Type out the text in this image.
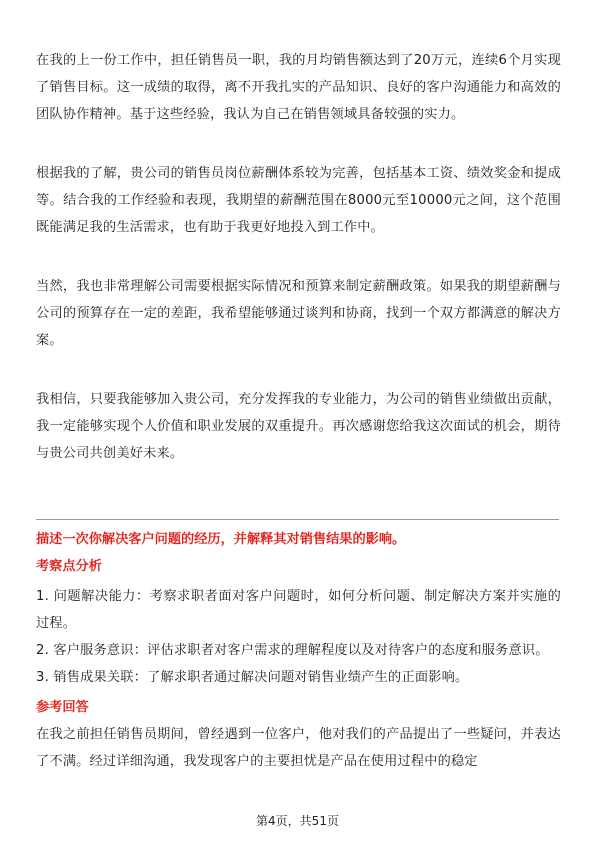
在我的上一份工作中，担任销售员一职，我的月均销售额达到了20万元，连续6个月实现了销售目标。这一成绩的取得，离不开我扎实的产品知识、良好的客户沟通能力和高效的团队协作精神。基于这些经验，我认为自己在销售领域具备较强的实力。

根据我的了解，贵公司的销售员岗位薪酬体系较为完善，包括基本工资、绩效奖金和提成等。结合我的工作经验和表现，我期望的薪酬范围在8000元至10000元之间，这个范围既能满足我的生活需求，也有助于我更好地投入到工作中。

当然，我也非常理解公司需要根据实际情况和预算来制定薪酬政策。如果我的期望薪酬与公司的预算存在一定的差距，我希望能够通过谈判和协商，找到一个双方都满意的解决方案。

我相信，只要我能够加入贵公司，充分发挥我的专业能力，为公司的销售业绩做出贡献，我一定能够实现个人价值和职业发展的双重提升。再次感谢您给我这次面试的机会，期待与贵公司共创美好未来。

描述一次你解决客户问题的经历，并解释其对销售结果的影响。

考察点分析

1. 问题解决能力：考察求职者面对客户问题时，如何分析问题、制定解决方案并实施的过程。

2. 客户服务意识：评估求职者对客户需求的理解程度以及对待客户的态度和服务意识。

3. 销售成果关联：了解求职者通过解决问题对销售业绩产生的正面影响。

参考回答

在我之前担任销售员期间，曾经遇到一位客户，他对我们的产品提出了一些疑问，并表达了不满。经过详细沟通，我发现客户的主要担忧是产品在使用过程中的稳定

第4页，共51页
